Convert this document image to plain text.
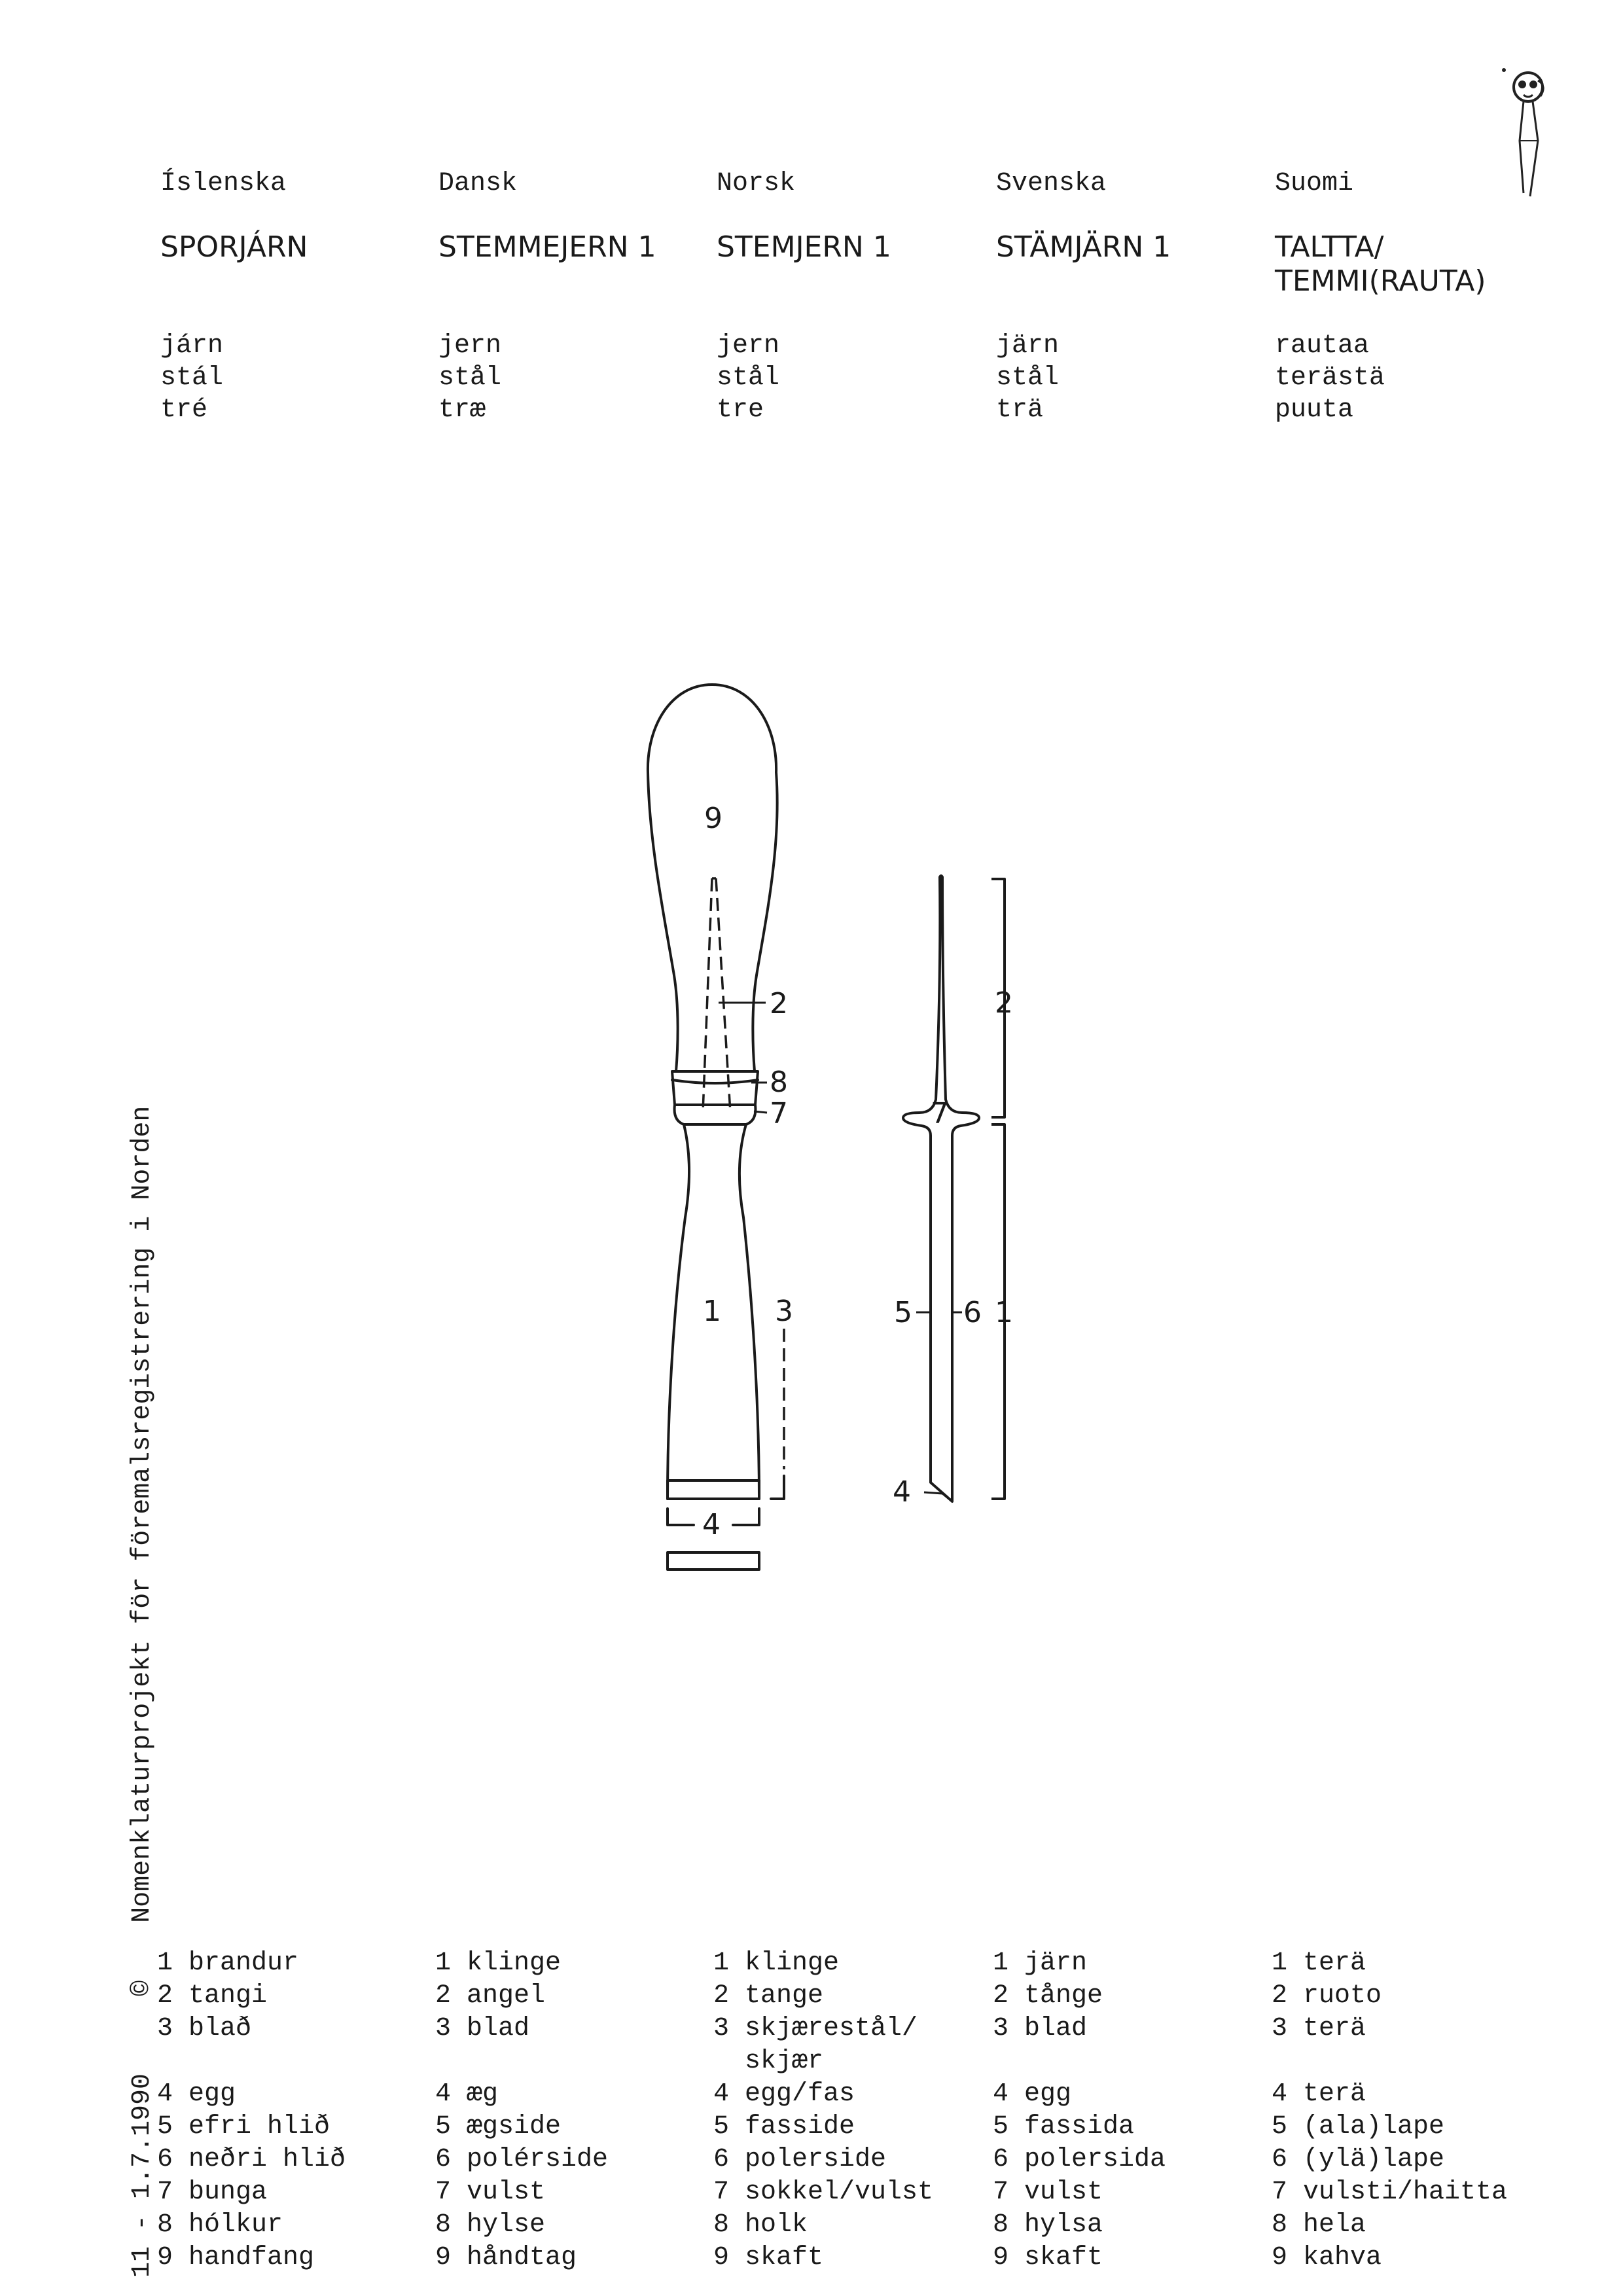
Íslenska
SPORJÁRN
járn
stál
tré
1 brandur
2 tangi
3 blað
4 egg
5 efri hlið
6 neðri hlið
7 bunga
8 hólkur
9 handfang
Dansk
STEMMEJERN 1
jern
stål
træ
1 klinge
2 angel
3 blad
4 æg
5 ægside
6 polérside
7 vulst
8 hylse
9 håndtag
Norsk
STEMJERN 1
jern
stål
tre
1 klinge
2 tange
3 skjærestål/
skjær
4 egg/fas
5 fasside
6 polerside
7 sokkel/vulst
8 holk
9 skaft
Svenska
STÄMJÄRN 1
järn
stål
trä
1 järn
2 tånge
3 blad
4 egg
5 fassida
6 polersida
7 vulst
8 hylsa
9 skaft
Suomi
TALTTA/
TEMMI(RAUTA)
rautaa
terästä
puuta
1 terä
2 ruoto
3 terä
4 terä
5 (ala)lape
6 (ylä)lape
7 vulsti/haitta
8 hela
9 kahva
11 - 1.7.1990  ©  Nomenklaturprojekt för föremalsregistrering i Norden
9
2
8
7
1 3
4
2
7
5 6 1
4
